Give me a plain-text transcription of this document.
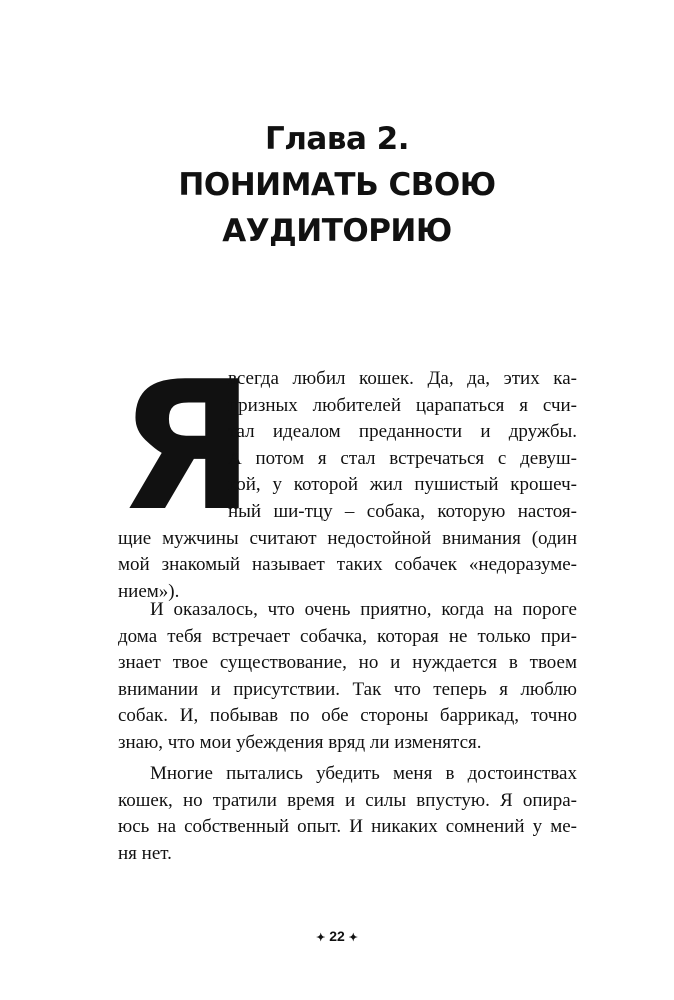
Глава 2.
ПОНИМАТЬ СВОЮ
АУДИТОРИЮ
Я
всегда любил кошек. Да, да, этих ка-
призных любителей царапаться я счи-
тал идеалом преданности и дружбы.
А потом я стал встречаться с девуш-
кой, у которой жил пушистый крошеч-
ный ши-тцу – собака, которую настоя-
щие мужчины считают недостойной внимания (один
мой знакомый называет таких собачек «недоразуме-
нием»).
И оказалось, что очень приятно, когда на пороге
дома тебя встречает собачка, которая не только при-
знает твое существование, но и нуждается в твоем
внимании и присутствии. Так что теперь я люблю
собак. И, побывав по обе стороны баррикад, точно
знаю, что мои убеждения вряд ли изменятся.
Многие пытались убедить меня в достоинствах
кошек, но тратили время и силы впустую. Я опира-
юсь на собственный опыт. И никаких сомнений у ме-
ня нет.
✦ 22 ✦
